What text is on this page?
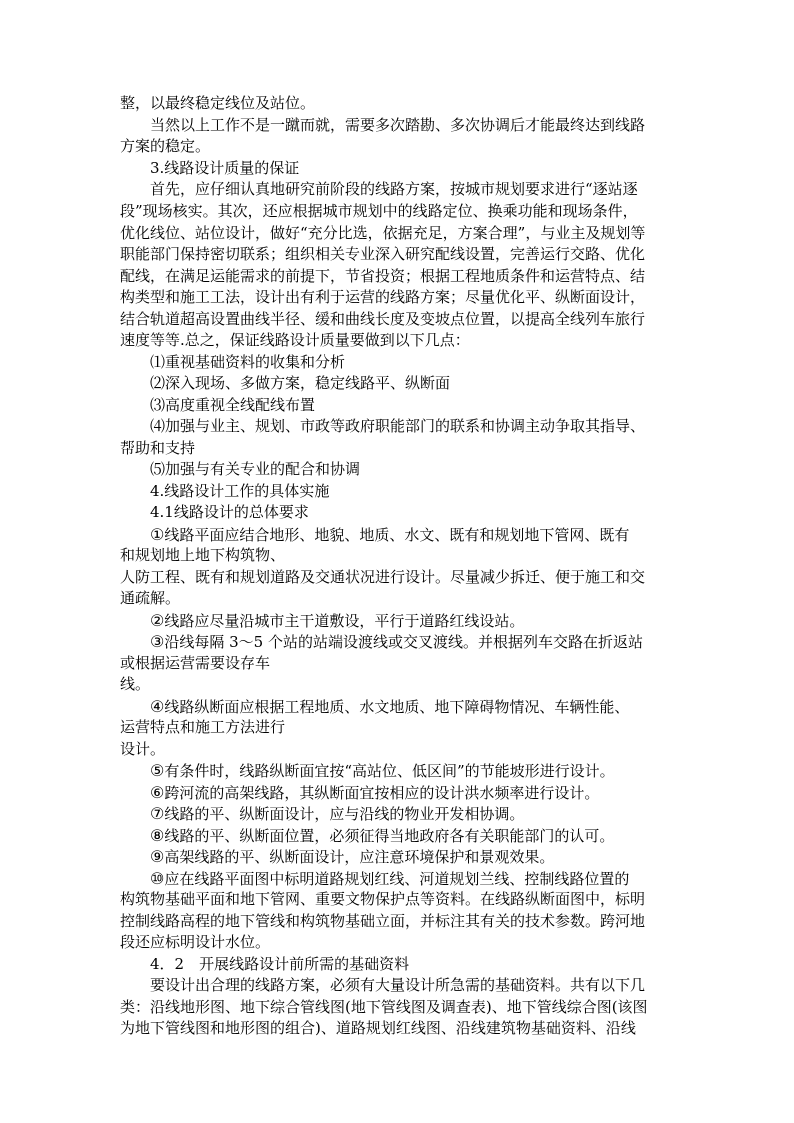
整，以最终稳定线位及站位。

当然以上工作不是一蹴而就，需要多次踏勘、多次协调后才能最终达到线路

方案的稳定。

3.线路设计质量的保证

首先，应仔细认真地研究前阶段的线路方案，按城市规划要求进行“逐站逐

段”现场核实。其次，还应根据城市规划中的线路定位、换乘功能和现场条件，

优化线位、站位设计，做好“充分比选，依据充足，方案合理”，与业主及规划等

职能部门保持密切联系；组织相关专业深入研究配线设置，完善运行交路、优化

配线，在满足运能需求的前提下，节省投资；根据工程地质条件和运营特点、结

构类型和施工工法，设计出有利于运营的线路方案；尽量优化平、纵断面设计，

结合轨道超高设置曲线半径、缓和曲线长度及变坡点位置，以提高全线列车旅行

速度等等.总之，保证线路设计质量要做到以下几点：

⑴重视基础资料的收集和分析

⑵深入现场、多做方案，稳定线路平、纵断面

⑶高度重视全线配线布置

⑷加强与业主、规划、市政等政府职能部门的联系和协调主动争取其指导、

帮助和支持

⑸加强与有关专业的配合和协调

4.线路设计工作的具体实施

4.1线路设计的总体要求

①线路平面应结合地形、地貌、地质、水文、既有和规划地下管网、既有

和规划地上地下构筑物、

人防工程、既有和规划道路及交通状况进行设计。尽量减少拆迁、便于施工和交

通疏解。

②线路应尽量沿城市主干道敷设，平行于道路红线设站。

③沿线每隔 3～5 个站的站端设渡线或交叉渡线。并根据列车交路在折返站

或根据运营需要设存车

线。

④线路纵断面应根据工程地质、水文地质、地下障碍物情况、车辆性能、

运营特点和施工方法进行

设计。

⑤有条件时，线路纵断面宜按“高站位、低区间”的节能坡形进行设计。

⑥跨河流的高架线路，其纵断面宜按相应的设计洪水频率进行设计。

⑦线路的平、纵断面设计，应与沿线的物业开发相协调。

⑧线路的平、纵断面位置，必须征得当地政府各有关职能部门的认可。

⑨高架线路的平、纵断面设计，应注意环境保护和景观效果。

⑩应在线路平面图中标明道路规划红线、河道规划兰线、控制线路位置的

构筑物基础平面和地下管网、重要文物保护点等资料。在线路纵断面图中，标明

控制线路高程的地下管线和构筑物基础立面，并标注其有关的技术参数。跨河地

段还应标明设计水位。

4．2　开展线路设计前所需的基础资料

要设计出合理的线路方案，必须有大量设计所急需的基础资料。共有以下几

类：沿线地形图、地下综合管线图(地下管线图及调查表)、地下管线综合图(该图

为地下管线图和地形图的组合)、道路规划红线图、沿线建筑物基础资料、沿线
